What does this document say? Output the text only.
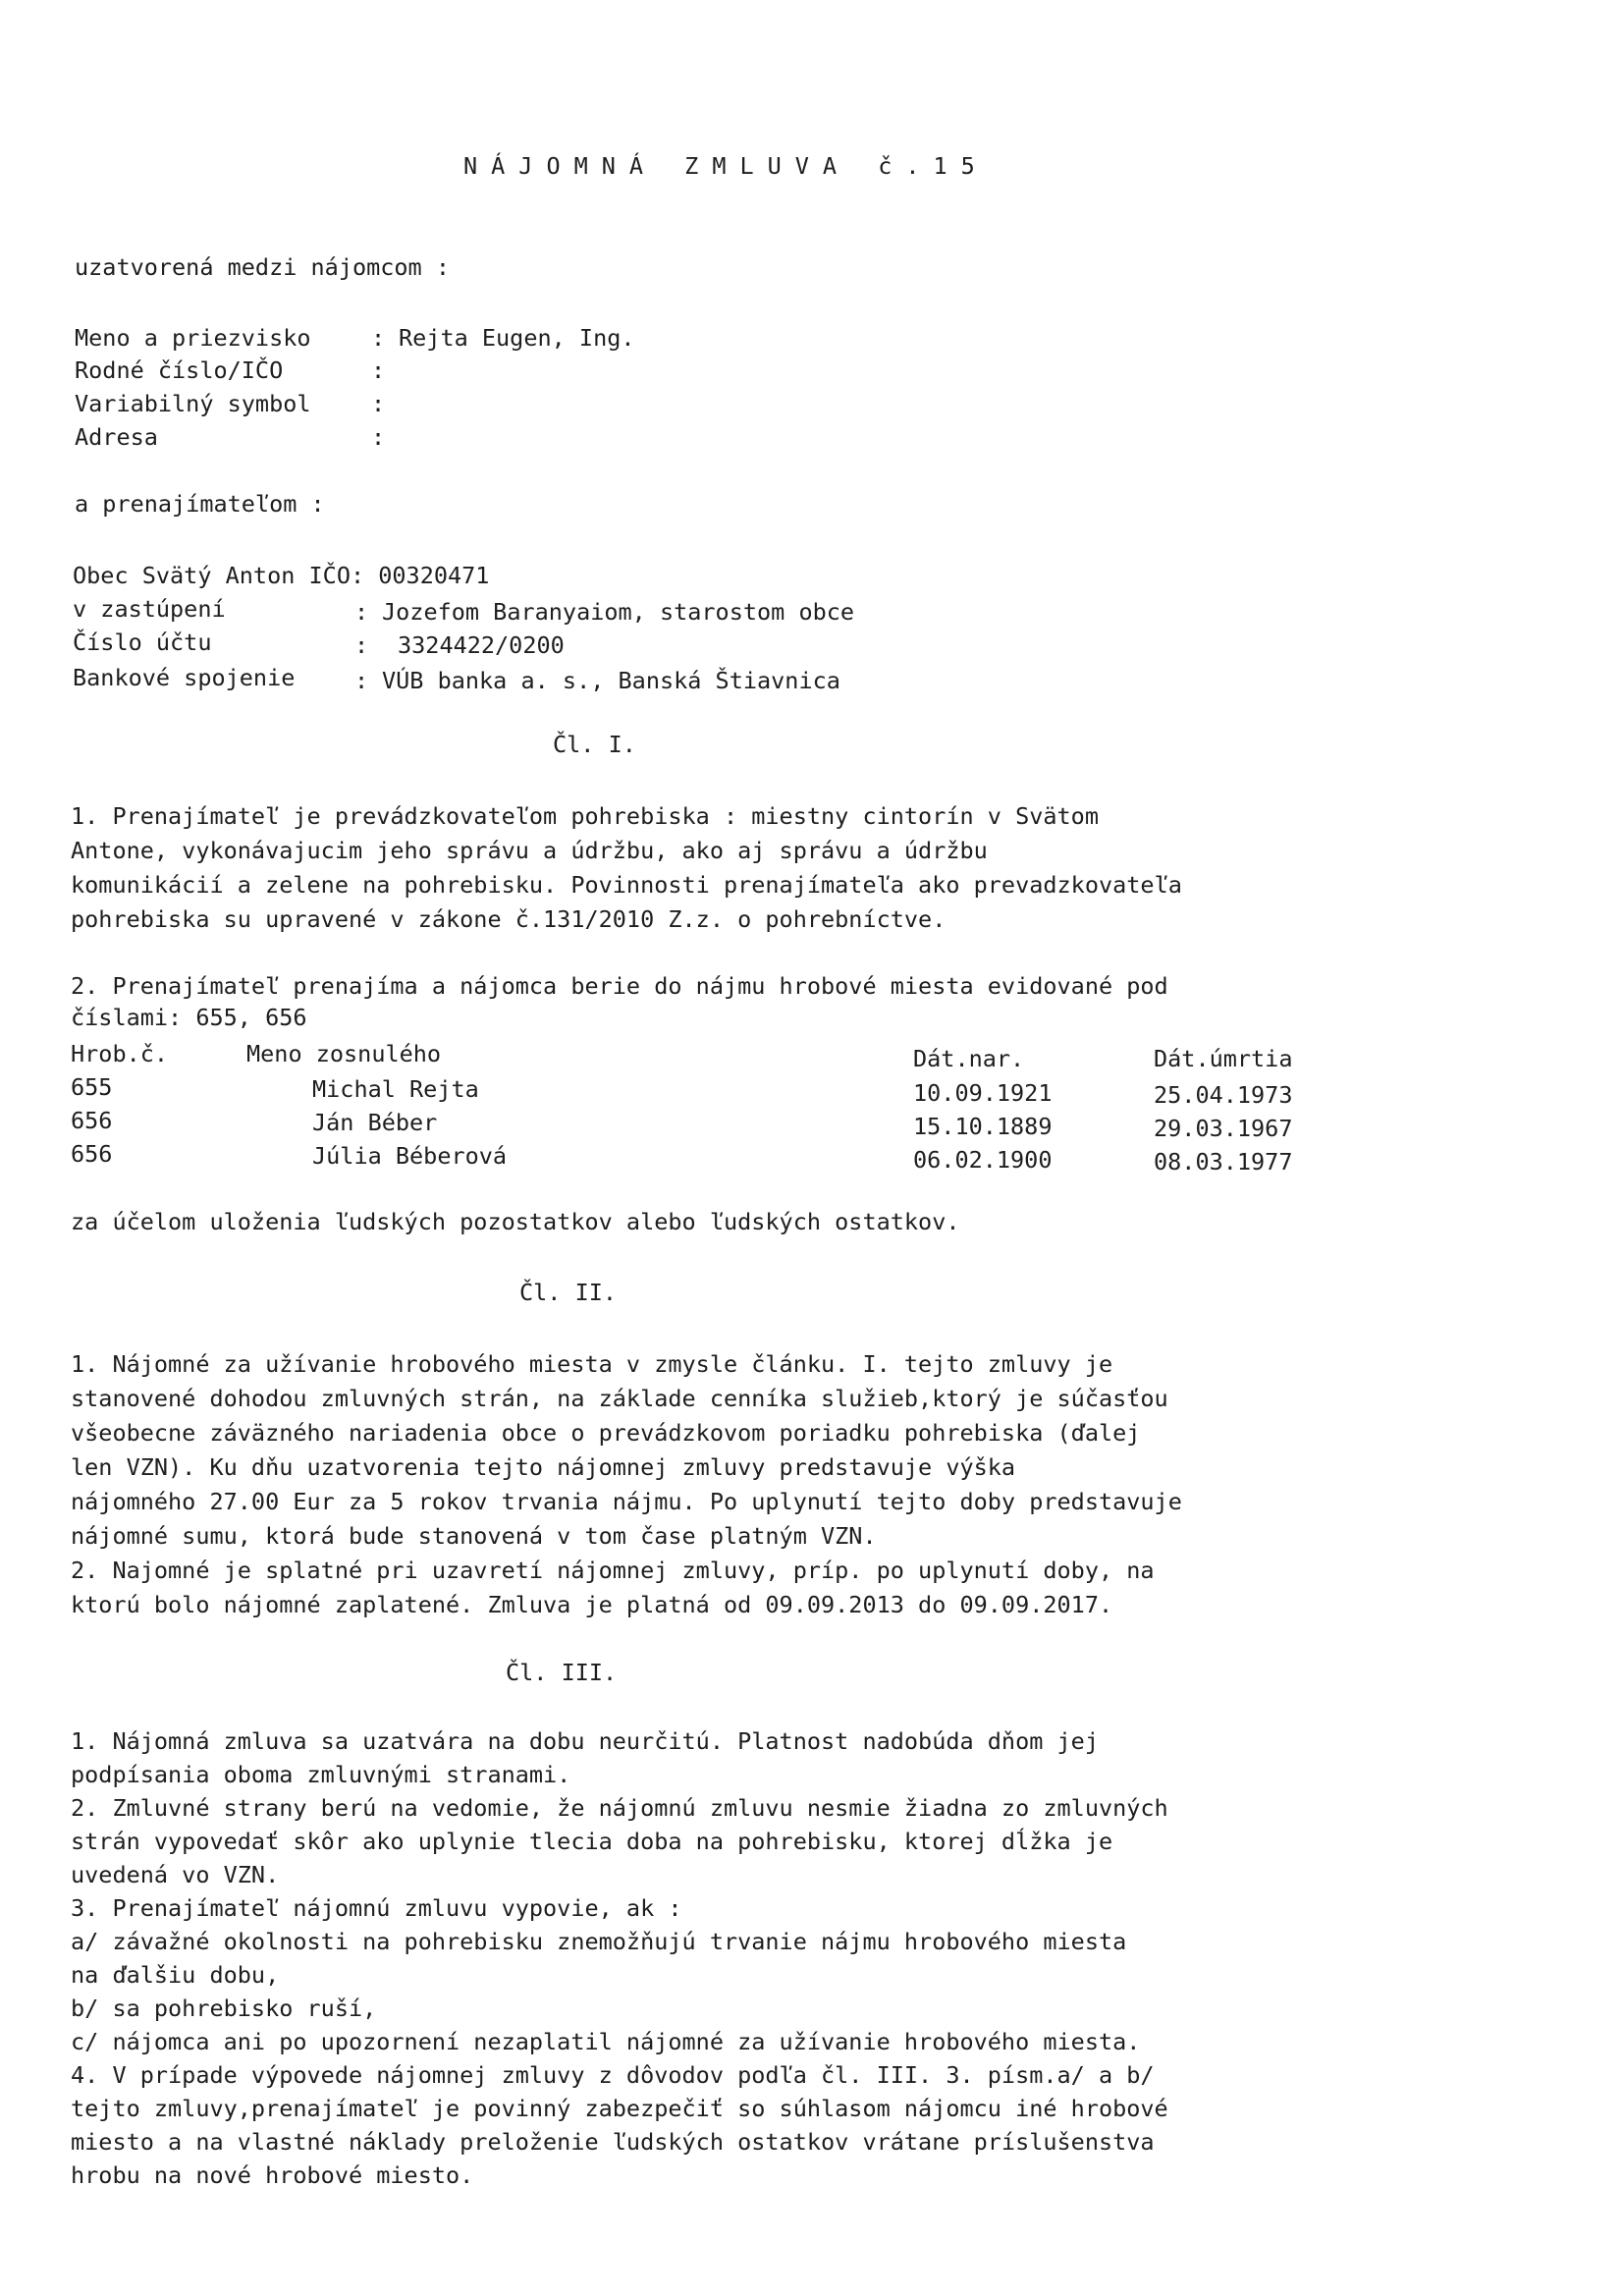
NÁJOMNÁ ZMLUVA č.15
uzatvorená medzi nájomcom :
Meno a priezvisko	: Rejta Eugen, Ing.
Rodné číslo/IČO	:
Variabilný symbol	:
Adresa	:
a prenajímateľom :
Obec Svätý Anton IČO: 00320471
v zastúpení	: Jozefom Baranyaiom, starostom obce
Číslo účtu	: 3324422/0200
Bankové spojenie	: VÚB banka a. s., Banská Štiavnica
Čl. I.
1. Prenajímateľ je prevádzkovateľom pohrebiska : miestny cintorín v Svätom
Antone, vykonávajucim jeho správu a údržbu, ako aj správu a údržbu
komunikácií a zelene na pohrebisku. Povinnosti prenajímateľa ako prevadzkovateľa
pohrebiska su upravené v zákone č.131/2010 Z.z. o pohrebníctve.
2. Prenajímateľ prenajíma a nájomca berie do nájmu hrobové miesta evidované pod
číslami: 655, 656
Hrob.č.	Meno zosnulého	Dát.nar.	Dát.úmrtia
655	Michal Rejta	10.09.1921	25.04.1973
656	Ján Béber	15.10.1889	29.03.1967
656	Júlia Béberová	06.02.1900	08.03.1977
za účelom uloženia ľudských pozostatkov alebo ľudských ostatkov.
Čl. II.
1. Nájomné za užívanie hrobového miesta v zmysle článku. I. tejto zmluvy je
stanovené dohodou zmluvných strán, na základe cenníka služieb,ktorý je súčasťou
všeobecne záväzného nariadenia obce o prevádzkovom poriadku pohrebiska (ďalej
len VZN). Ku dňu uzatvorenia tejto nájomnej zmluvy predstavuje výška
nájomného 27.00 Eur za 5 rokov trvania nájmu. Po uplynutí tejto doby predstavuje
nájomné sumu, ktorá bude stanovená v tom čase platným VZN.
2. Najomné je splatné pri uzavretí nájomnej zmluvy, príp. po uplynutí doby, na
ktorú bolo nájomné zaplatené. Zmluva je platná od 09.09.2013 do 09.09.2017.
Čl. III.
1. Nájomná zmluva sa uzatvára na dobu neurčitú. Platnost nadobúda dňom jej
podpísania oboma zmluvnými stranami.
2. Zmluvné strany berú na vedomie, že nájomnú zmluvu nesmie žiadna zo zmluvných
strán vypovedať skôr ako uplynie tlecia doba na pohrebisku, ktorej dĺžka je
uvedená vo VZN.
3. Prenajímateľ nájomnú zmluvu vypovie, ak :
a/ závažné okolnosti na pohrebisku znemožňujú trvanie nájmu hrobového miesta
na ďalšiu dobu,
b/ sa pohrebisko ruší,
c/ nájomca ani po upozornení nezaplatil nájomné za užívanie hrobového miesta.
4. V prípade výpovede nájomnej zmluvy z dôvodov podľa čl. III. 3. písm.a/ a b/
tejto zmluvy,prenajímateľ je povinný zabezpečiť so súhlasom nájomcu iné hrobové
miesto a na vlastné náklady preloženie ľudských ostatkov vrátane príslušenstva
hrobu na nové hrobové miesto.
